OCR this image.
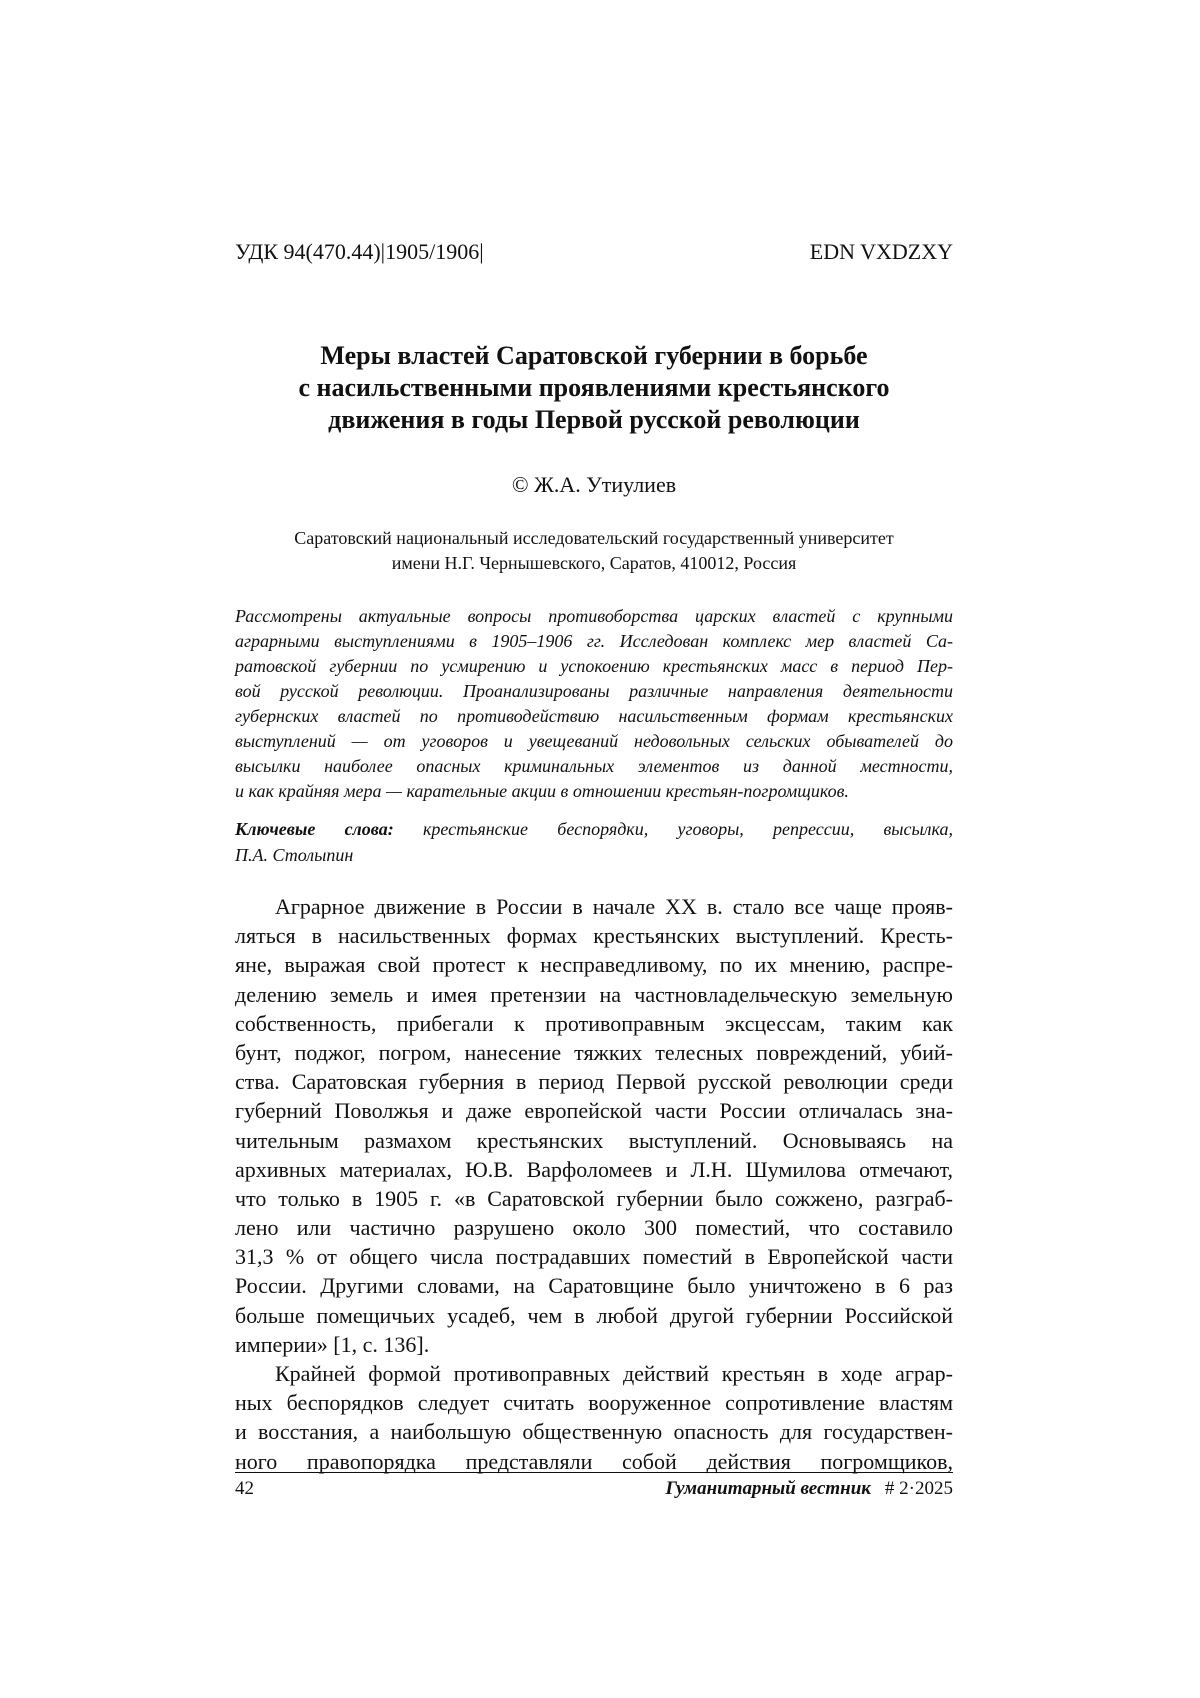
УДК 94(470.44)|1905/1906|	EDN VXDZXY
Меры властей Саратовской губернии в борьбе
с насильственными проявлениями крестьянского
движения в годы Первой русской революции
© Ж.А. Утиулиев
Саратовский национальный исследовательский государственный университет
имени Н.Г. Чернышевского, Саратов, 410012, Россия
Рассмотрены актуальные вопросы противоборства царских властей с крупными
аграрными выступлениями в 1905–1906 гг. Исследован комплекс мер властей Са-
ратовской губернии по усмирению и успокоению крестьянских масс в период Пер-
вой русской революции. Проанализированы различные направления деятельности
губернских властей по противодействию насильственным формам крестьянских
выступлений — от уговоров и увещеваний недовольных сельских обывателей до
высылки наиболее опасных криминальных элементов из данной местности,
и как крайняя мера — карательные акции в отношении крестьян-погромщиков.
Ключевые слова: крестьянские беспорядки, уговоры, репрессии, высылка,
П.А. Столыпин
Аграрное движение в России в начале XX в. стало все чаще прояв-
ляться в насильственных формах крестьянских выступлений. Кресть-
яне, выражая свой протест к несправедливому, по их мнению, распре-
делению земель и имея претензии на частновладельческую земельную
собственность, прибегали к противоправным эксцессам, таким как
бунт, поджог, погром, нанесение тяжких телесных повреждений, убий-
ства. Саратовская губерния в период Первой русской революции среди
губерний Поволжья и даже европейской части России отличалась зна-
чительным размахом крестьянских выступлений. Основываясь на
архивных материалах, Ю.В. Варфоломеев и Л.Н. Шумилова отмечают,
что только в 1905 г. «в Саратовской губернии было сожжено, разграб-
лено или частично разрушено около 300 поместий, что составило
31,3 % от общего числа пострадавших поместий в Европейской части
России. Другими словами, на Саратовщине было уничтожено в 6 раз
больше помещичьих усадеб, чем в любой другой губернии Российской
империи» [1, с. 136].
Крайней формой противоправных действий крестьян в ходе аграр-
ных беспорядков следует считать вооруженное сопротивление властям
и восстания, а наибольшую общественную опасность для государствен-
ного правопорядка представляли собой действия погромщиков,
42	Гуманитарный вестник # 2·2025
